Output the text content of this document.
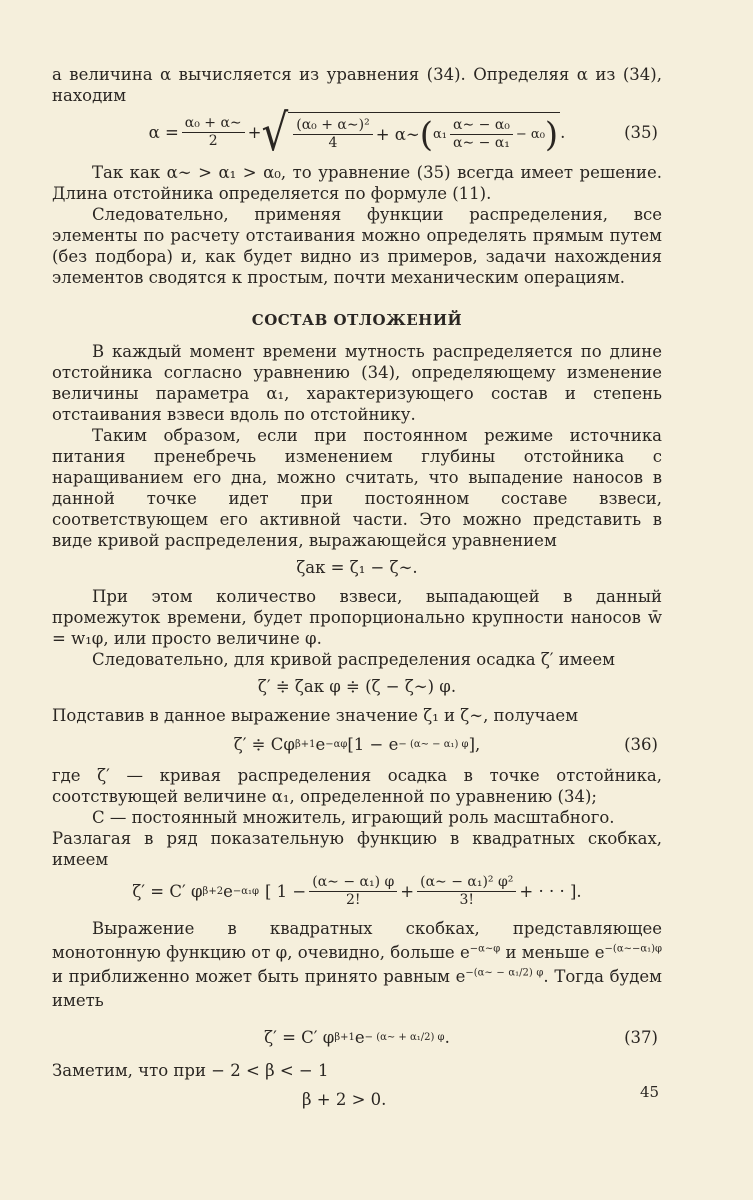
а величина α вычисляется из уравнения (34). Определяя α из (34), находим

$\alpha = \frac{\text{α₀ + α∼}}{2}$ + √ $\frac{\text{(α₀ + α∼)²}}{4}$ + α∼ ( $\alpha_1 \frac{\text{α∼ − α₀}}{\text{α∼ − α₁}} - \alpha_0$ ) .	(35)

Так как α∼ > α₁ > α₀, то уравнение (35) всегда имеет решение. Длина отстойника определяется по формуле (11).

Следовательно, применяя функции распределения, все элементы по расчету отстаивания можно определять прямым путем (без подбора) и, как будет видно из примеров, задачи нахождения элементов сводятся к простым, почти механическим операциям.

СОСТАВ ОТЛОЖЕНИЙ

В каждый момент времени мутность распределяется по длине отстойника согласно уравнению (34), определяющему изменение величины параметра α₁, характеризующего состав и степень отстаивания взвеси вдоль по отстойнику.

Таким образом, если при постоянном режиме источника питания пренебречь изменением глубины отстойника с наращиванием его дна, можно считать, что выпадение наносов в данной точке идет при постоянном составе взвеси, соответствующем его активной части. Это можно представить в виде кривой распределения, выражающейся уравнением

ζак = ζ₁ − ζ∼.

При этом количество взвеси, выпадающей в данный промежуток времени, будет пропорционально крупности наносов w̄ = w₁φ, или просто величине φ.

Следовательно, для кривой распределения осадка ζ′ имеем

ζ′ ≑ ζак φ ≑ (ζ − ζ∼) φ.

Подставив в данное выражение значение ζ₁ и ζ∼, получаем

ζ′ ≑ Cφ β+1 e −αφ [1 − e − (α∼ − α₁) φ ],	(36)

где ζ′ — кривая распределения осадка в точке отстойника, соотствующей величине α₁, определенной по уравнению (34);

C — постоянный множитель, играющий роль масштабного.

Разлагая в ряд показательную функцию в квадратных скобках, имеем

ζ′ = C′ φ β+2 e −α₁φ [ $1 - \frac{\text{(α∼ − α₁) φ}}{2!} + \frac{\text{(α∼ − α₁)² φ²}}{3!}$ + · · · ].

Выражение в квадратных скобках, представляющее монотонную функцию от φ, очевидно, больше $e^{-\alpha\sim\varphi}$ и меньше $e^{-(\alpha\sim-\alpha_1)\varphi}$ и приближенно может быть принято равным $e^{-(\alpha\sim - \alpha_1/2) \varphi}$. Тогда будем иметь

ζ′ = C′ φ β+1 e − (α∼ + α₁/2) φ .	(37)

Заметим, что при − 2 < β < − 1

β + 2 > 0.	45
